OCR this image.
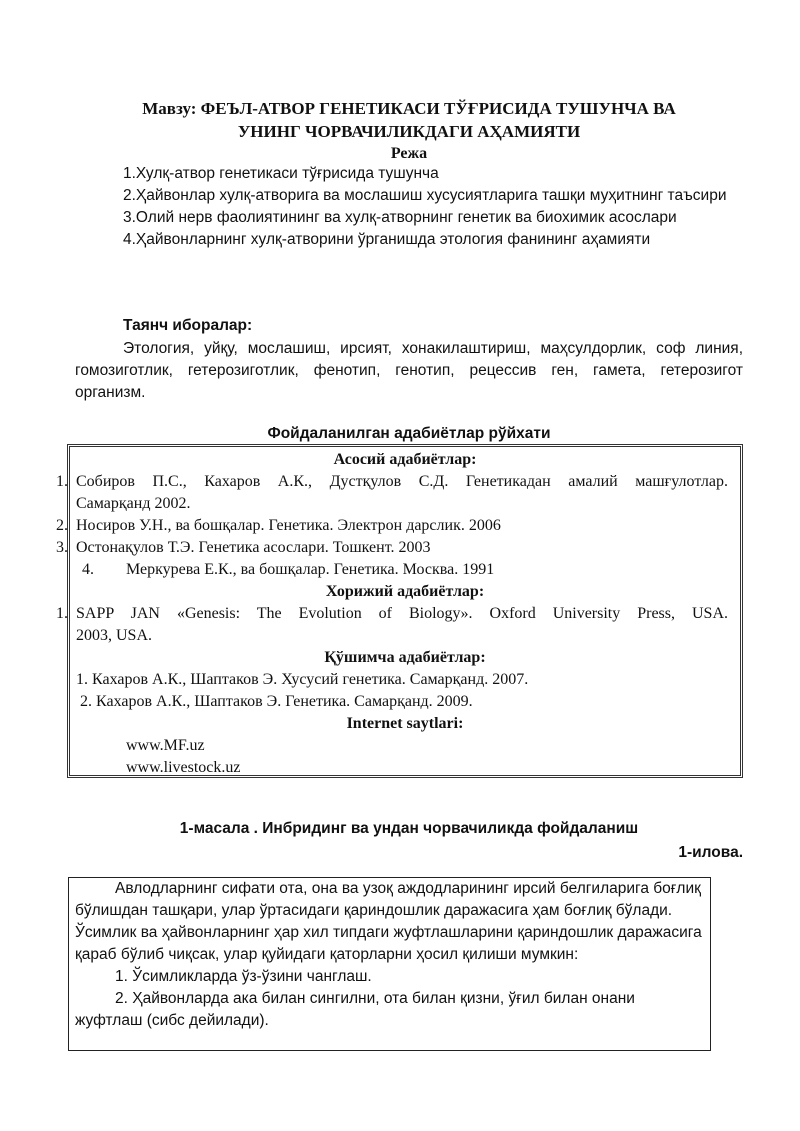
Мавзу: ФЕЪЛ-АТВОР ГЕНЕТИКАСИ ТЎҒРИСИДА ТУШУНЧА ВА
УНИНГ ЧОРВАЧИЛИКДАГИ АҲАМИЯТИ
Режа

1.Хулқ-атвор генетикаси тўғрисида тушунча

2.Ҳайвонлар хулқ-атворига ва мослашиш хусусиятларига ташқи муҳитнинг таъсири

3.Олий нерв фаолиятининг ва хулқ-атворнинг генетик ва биохимик асослари

4.Ҳайвонларнинг хулқ-атворини ўрганишда этология фанининг аҳамияти

Таянч иборалар:
Этология, уйқу, мослашиш, ирсият, хонакилаштириш, маҳсулдорлик, соф линия, гомозиготлик, гетерозиготлик, фенотип, генотип, рецессив ген, гамета, гетерозигот организм.
Фойдаланилган адабиётлар рўйхати
Асосий адабиётлар:
1. Собиров П.С., Кахаров А.К., Дустқулов С.Д. Генетикадан амалий машғулотлар.
Самарқанд 2002.
2. Носиров У.Н., ва бошқалар. Генетика. Электрон дарслик. 2006
3. Остонақулов Т.Э. Генетика асослари. Тошкент. 2003
4.	Меркурева Е.К., ва бошқалар. Генетика. Москва. 1991
Хорижий адабиётлар:
1. SAPP JAN «Genesis: The Evolution of Biology». Oxford University Press, USA.
2003, USA.
Қўшимча адабиётлар:
1. Кахаров А.К., Шаптаков Э. Хусусий генетика. Самарқанд. 2007.
2. Кахаров А.К., Шаптаков Э. Генетика. Самарқанд. 2009.
Internet saytlari:
www.MF.uz
www.livestock.uz
1-масала . Инбридинг ва ундан чорвачиликда фойдаланиш
1-илова.

Авлодларнинг сифати ота, она ва узоқ аждодларининг ирсий белгиларига боғлиқ бўлишдан ташқари, улар ўртасидаги қариндошлик даражасига ҳам боғлиқ бўлади. Ўсимлик ва ҳайвонларнинг ҳар хил типдаги жуфтлашларини қариндошлик даражасига қараб бўлиб чиқсак, улар қуйидаги қаторларни ҳосил қилиши мумкин:

1. Ўсимликларда ўз-ўзини чанглаш.

2. Ҳайвонларда ака билан сингилни, ота билан қизни, ўғил билан онани жуфтлаш (сибс дейилади).
